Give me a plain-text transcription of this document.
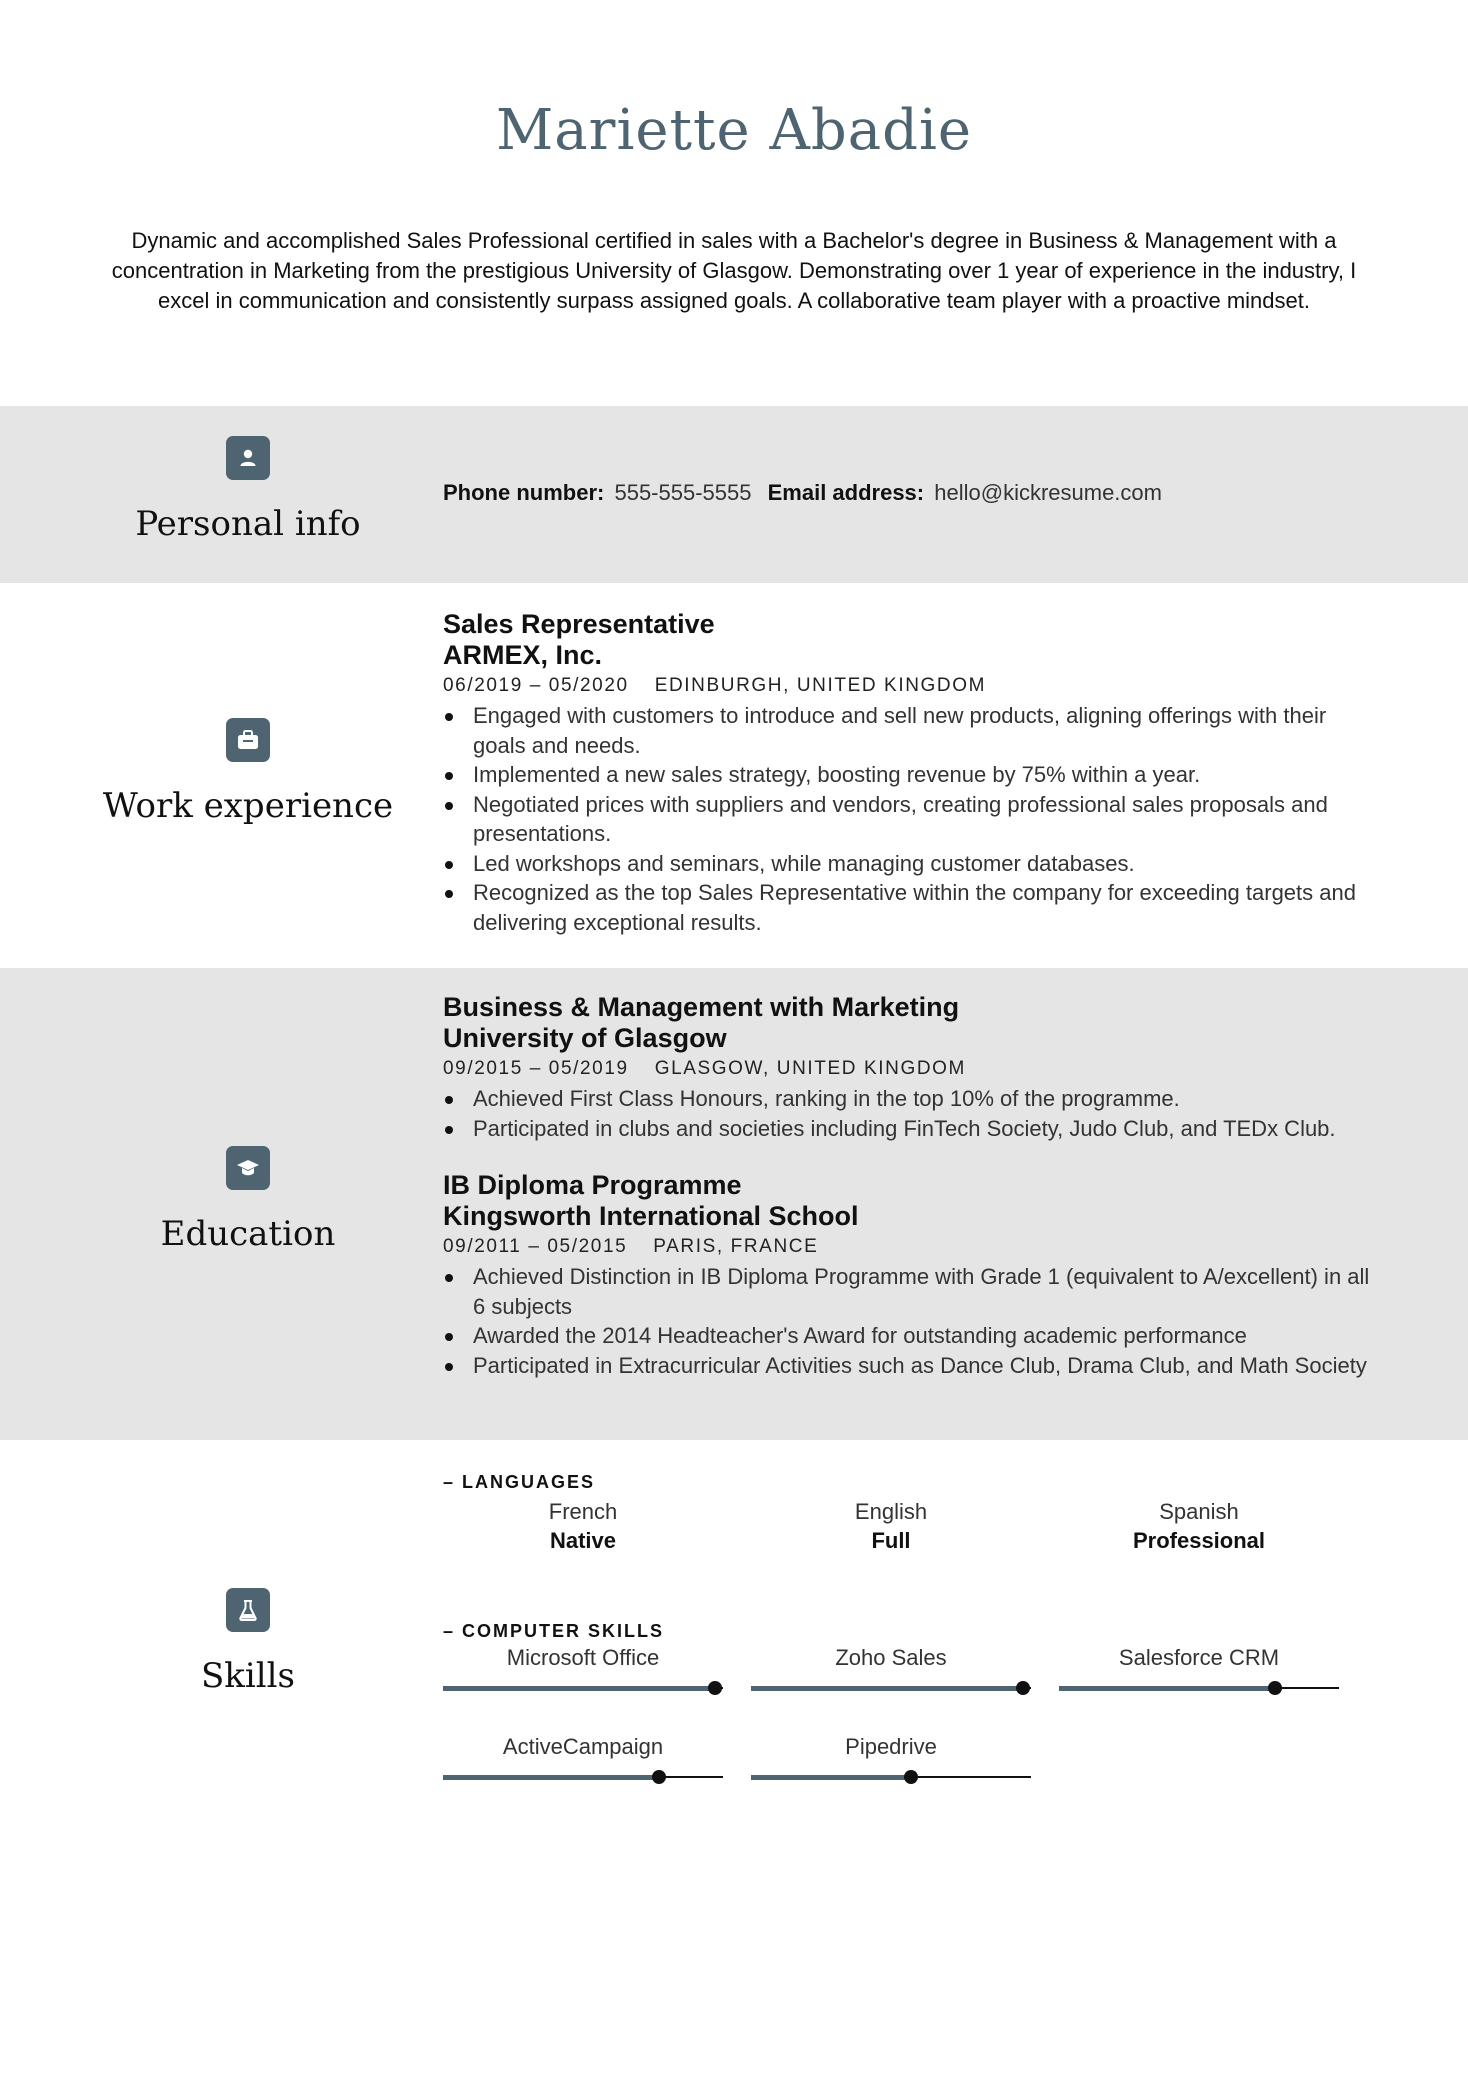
Mariette Abadie
Dynamic and accomplished Sales Professional certified in sales with a Bachelor's degree in Business & Management with a concentration in Marketing from the prestigious University of Glasgow. Demonstrating over 1 year of experience in the industry, I excel in communication and consistently surpass assigned goals. A collaborative team player with a proactive mindset.
Personal info
Phone number: 555-555-5555 Email address: hello@kickresume.com
Work experience
Sales Representative
ARMEX, Inc.
06/2019 – 05/2020 EDINBURGH, UNITED KINGDOM
Engaged with customers to introduce and sell new products, aligning offerings with their goals and needs.
Implemented a new sales strategy, boosting revenue by 75% within a year.
Negotiated prices with suppliers and vendors, creating professional sales proposals and presentations.
Led workshops and seminars, while managing customer databases.
Recognized as the top Sales Representative within the company for exceeding targets and delivering exceptional results.
Education
Business & Management with Marketing
University of Glasgow
09/2015 – 05/2019 GLASGOW, UNITED KINGDOM
Achieved First Class Honours, ranking in the top 10% of the programme.
Participated in clubs and societies including FinTech Society, Judo Club, and TEDx Club.
IB Diploma Programme
Kingsworth International School
09/2011 – 05/2015 PARIS, FRANCE
Achieved Distinction in IB Diploma Programme with Grade 1 (equivalent to A/excellent) in all 6 subjects
Awarded the 2014 Headteacher's Award for outstanding academic performance
Participated in Extracurricular Activities such as Dance Club, Drama Club, and Math Society
Skills
– LANGUAGES
French
Native
English
Full
Spanish
Professional
– COMPUTER SKILLS
Microsoft Office	Zoho Sales	Salesforce CRM
ActiveCampaign	Pipedrive
